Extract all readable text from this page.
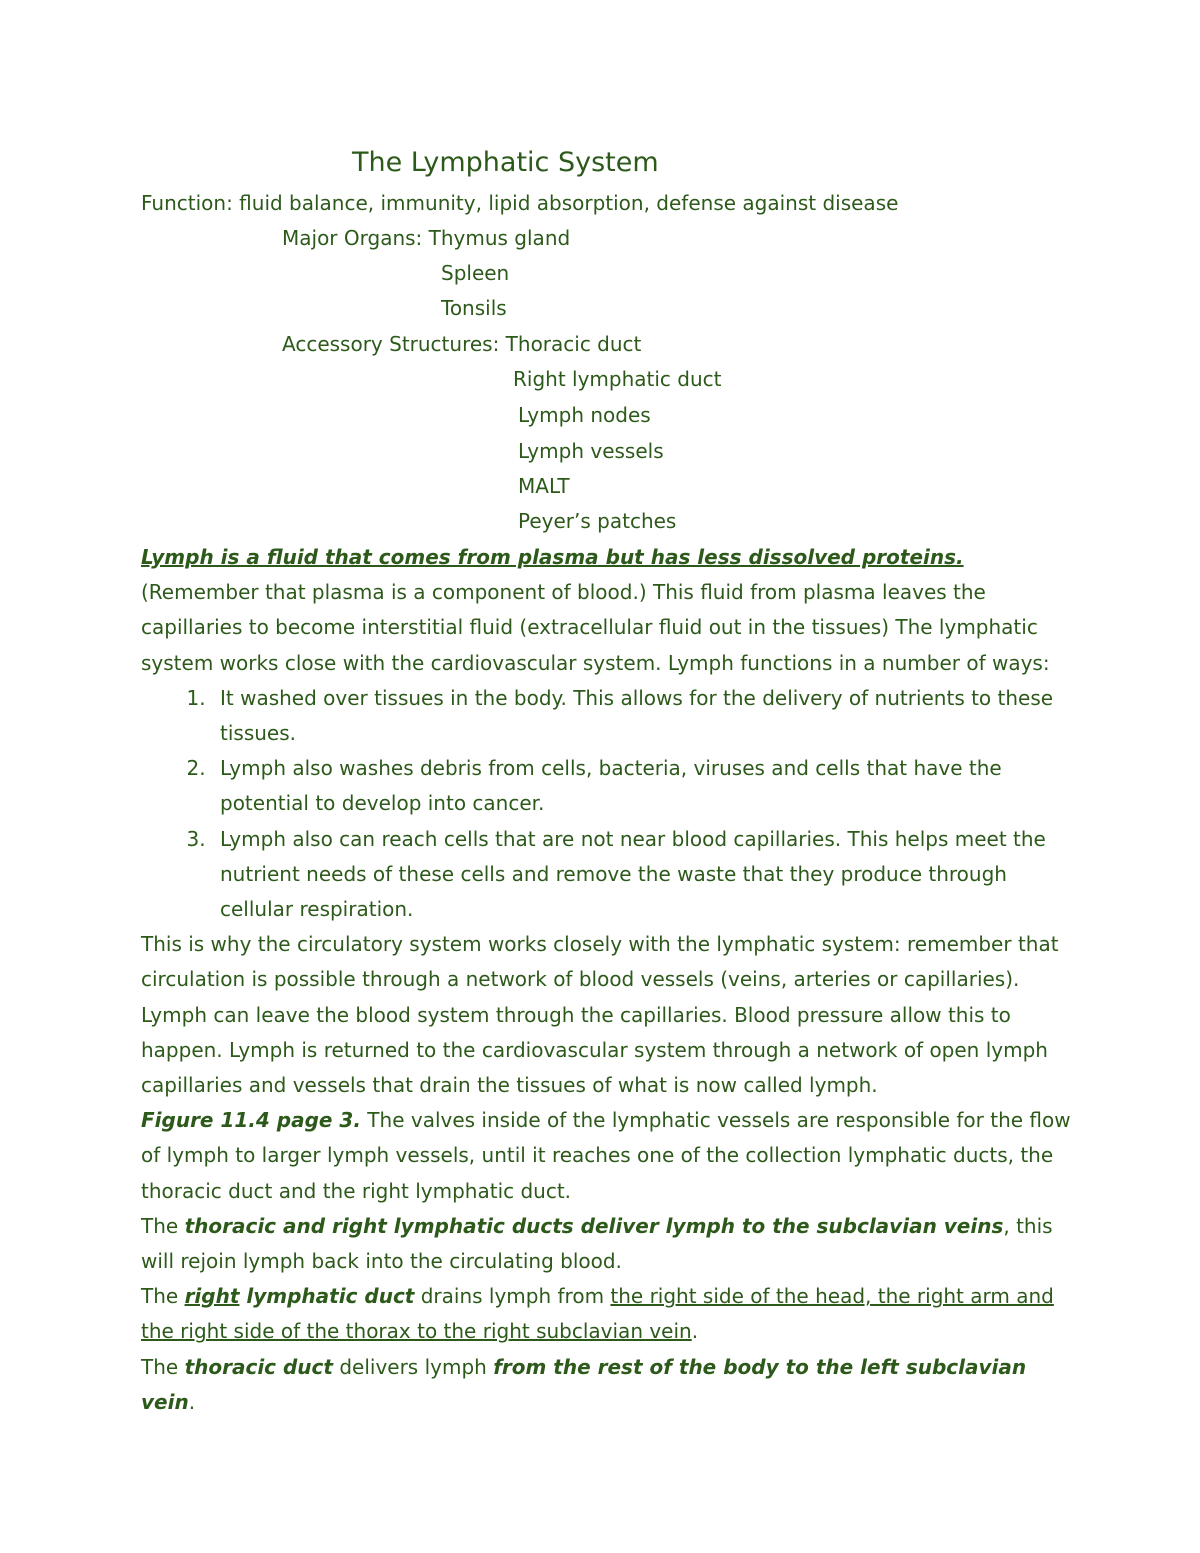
The Lymphatic System
Function: fluid balance, immunity, lipid absorption, defense against disease
Major Organs: Thymus gland
Spleen
Tonsils
Accessory Structures: Thoracic duct
Right lymphatic duct
Lymph nodes
Lymph vessels
MALT
Peyer’s patches

Lymph is a fluid that comes from plasma but has less dissolved proteins. (Remember that plasma is a component of blood.) This fluid from plasma leaves the capillaries to become interstitial fluid (extracellular fluid out in the tissues) The lymphatic system works close with the cardiovascular system. Lymph functions in a number of ways:

1. It washed over tissues in the body. This allows for the delivery of nutrients to these tissues.
2. Lymph also washes debris from cells, bacteria, viruses and cells that have the potential to develop into cancer.
3. Lymph also can reach cells that are not near blood capillaries. This helps meet the nutrient needs of these cells and remove the waste that they produce through cellular respiration.

This is why the circulatory system works closely with the lymphatic system: remember that circulation is possible through a network of blood vessels (veins, arteries or capillaries). Lymph can leave the blood system through the capillaries. Blood pressure allow this to happen. Lymph is returned to the cardiovascular system through a network of open lymph capillaries and vessels that drain the tissues of what is now called lymph.

Figure 11.4 page 3. The valves inside of the lymphatic vessels are responsible for the flow of lymph to larger lymph vessels, until it reaches one of the collection lymphatic ducts, the thoracic duct and the right lymphatic duct.

The thoracic and right lymphatic ducts deliver lymph to the subclavian veins, this will rejoin lymph back into the circulating blood.

The right lymphatic duct drains lymph from the right side of the head, the right arm and the right side of the thorax to the right subclavian vein.

The thoracic duct delivers lymph from the rest of the body to the left subclavian vein.
